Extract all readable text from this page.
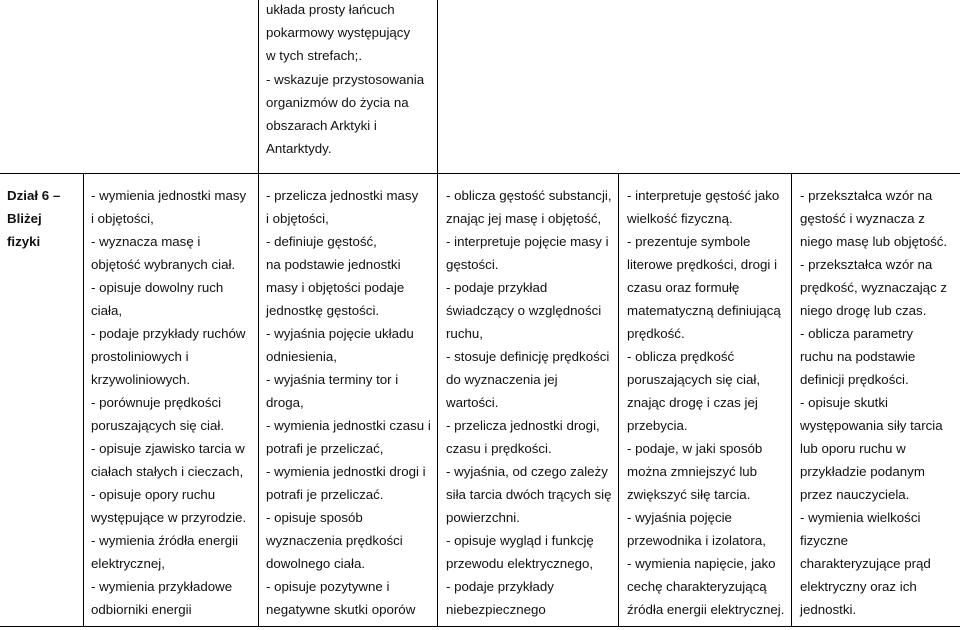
układa prosty łańcuch
pokarmowy występujący
w tych strefach;.
- wskazuje przystosowania
organizmów do życia na
obszarach Arktyki i
Antarktydy.
Dział 6 –
Bliżej
fizyki
- wymienia jednostki masy
i objętości,
- wyznacza masę i
objętość wybranych ciał.
- opisuje dowolny ruch
ciała,
- podaje przykłady ruchów
prostoliniowych i
krzywoliniowych.
- porównuje prędkości
poruszających się ciał.
- opisuje zjawisko tarcia w
ciałach stałych i cieczach,
- opisuje opory ruchu
występujące w przyrodzie.
- wymienia źródła energii
elektrycznej,
- wymienia przykładowe
odbiorniki energii
- przelicza jednostki masy
i objętości,
- definiuje gęstość,
na podstawie jednostki
masy i objętości podaje
jednostkę gęstości.
- wyjaśnia pojęcie układu
odniesienia,
- wyjaśnia terminy tor i
droga,
- wymienia jednostki czasu i
potrafi je przeliczać,
- wymienia jednostki drogi i
potrafi je przeliczać.
- opisuje sposób
wyznaczenia prędkości
dowolnego ciała.
- opisuje pozytywne i
negatywne skutki oporów
- oblicza gęstość substancji,
znając jej masę i objętość,
- interpretuje pojęcie masy i
gęstości.
- podaje przykład
świadczący o względności
ruchu,
- stosuje definicję prędkości
do wyznaczenia jej
wartości.
- przelicza jednostki drogi,
czasu i prędkości.
- wyjaśnia, od czego zależy
siła tarcia dwóch trących się
powierzchni.
- opisuje wygląd i funkcję
przewodu elektrycznego,
- podaje przykłady
niebezpiecznego
- interpretuje gęstość jako
wielkość fizyczną.
- prezentuje symbole
literowe prędkości, drogi i
czasu oraz formułę
matematyczną definiującą
prędkość.
- oblicza prędkość
poruszających się ciał,
znając drogę i czas jej
przebycia.
- podaje, w jaki sposób
można zmniejszyć lub
zwiększyć siłę tarcia.
- wyjaśnia pojęcie
przewodnika i izolatora,
- wymienia napięcie, jako
cechę charakteryzującą
źródła energii elektrycznej.
- przekształca wzór na
gęstość i wyznacza z
niego masę lub objętość.
- przekształca wzór na
prędkość, wyznaczając z
niego drogę lub czas.
- oblicza parametry
ruchu na podstawie
definicji prędkości.
- opisuje skutki
występowania siły tarcia
lub oporu ruchu w
przykładzie podanym
przez nauczyciela.
- wymienia wielkości
fizyczne
charakteryzujące prąd
elektryczny oraz ich
jednostki.
